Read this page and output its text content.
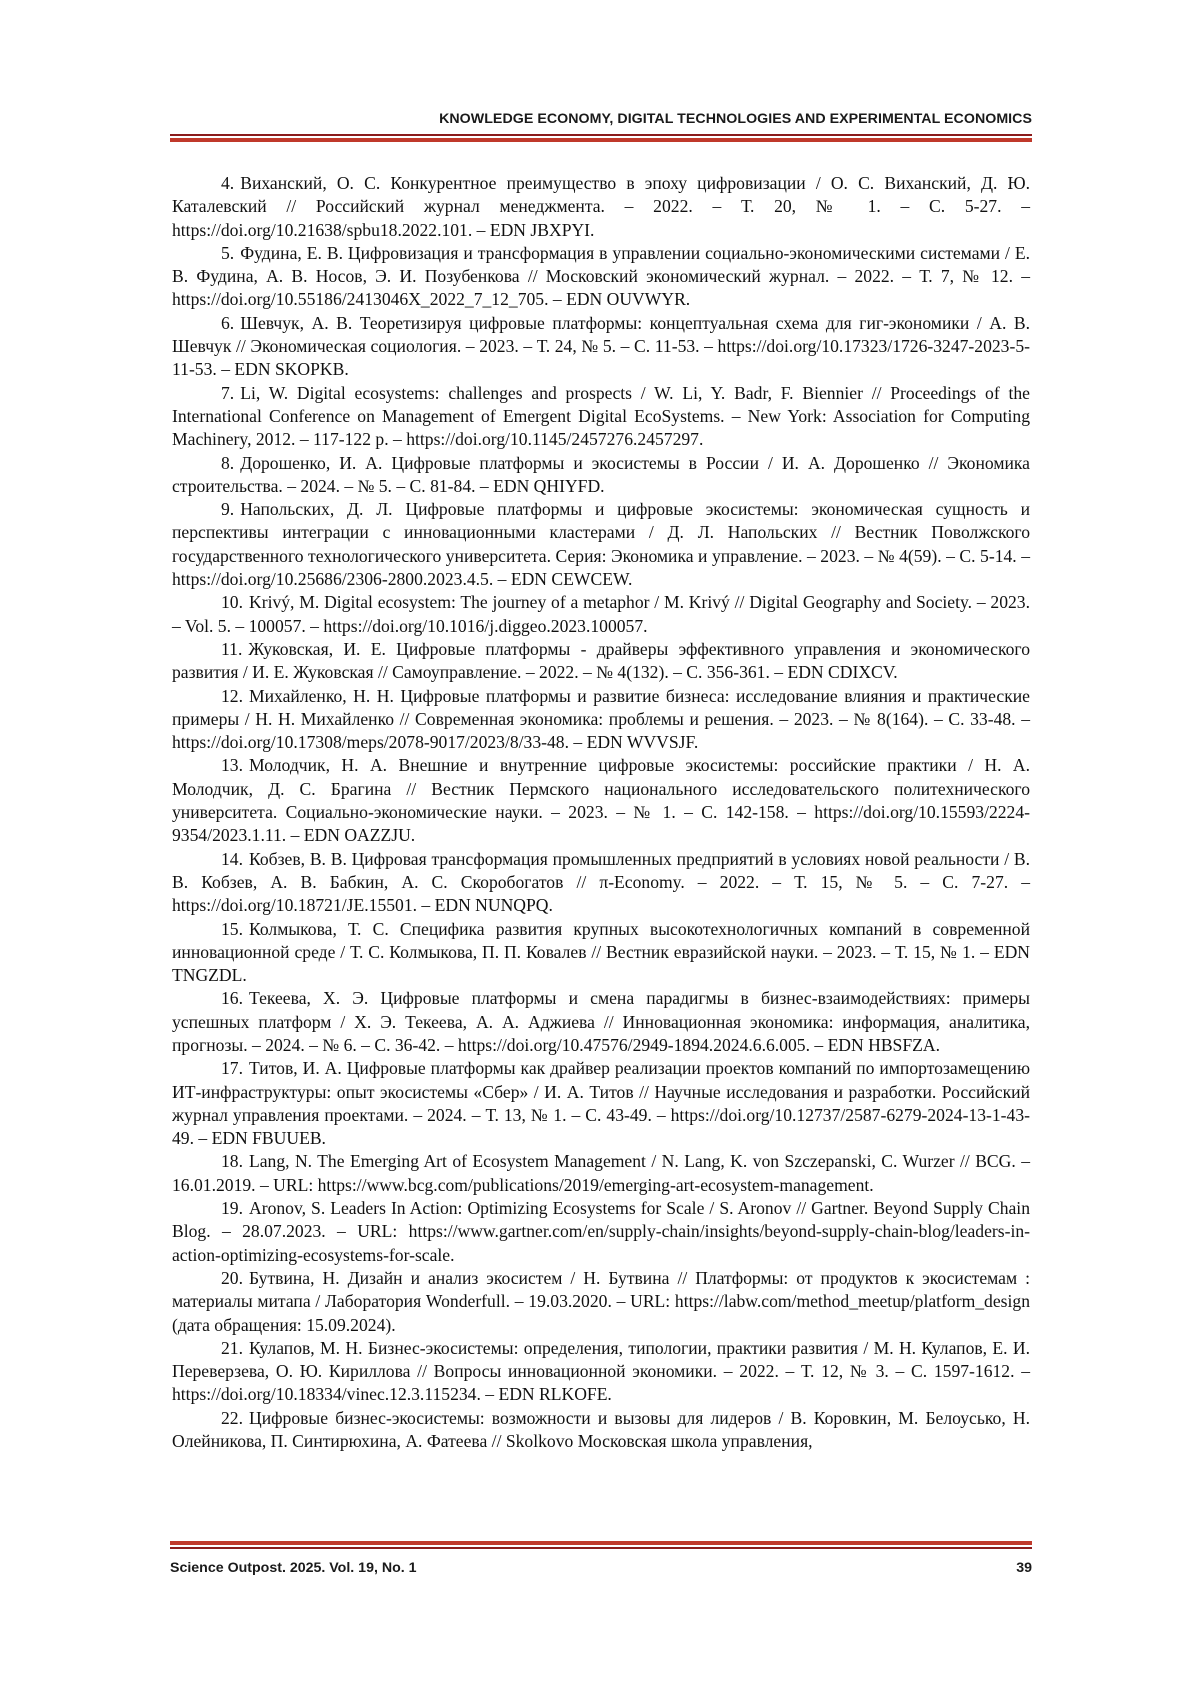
KNOWLEDGE ECONOMY, DIGITAL TECHNOLOGIES AND EXPERIMENTAL ECONOMICS

4. Виханский, О. С. Конкурентное преимущество в эпоху цифровизации / О. С. Виханский, Д. Ю. Каталевский // Российский журнал менеджмента. – 2022. – Т. 20, № 1. – С. 5-27. – https://doi.org/10.21638/spbu18.2022.101. – EDN JBXPYI.

5. Фудина, Е. В. Цифровизация и трансформация в управлении социально-экономическими системами / Е. В. Фудина, А. В. Носов, Э. И. Позубенкова // Московский экономический журнал. – 2022. – Т. 7, № 12. – https://doi.org/10.55186/2413046X_2022_7_12_705. – EDN OUVWYR.

6. Шевчук, А. В. Теоретизируя цифровые платформы: концептуальная схема для гиг-экономики / А. В. Шевчук // Экономическая социология. – 2023. – Т. 24, № 5. – С. 11-53. – https://doi.org/10.17323/1726-3247-2023-5-11-53. – EDN SKOPKB.

7. Li, W. Digital ecosystems: challenges and prospects / W. Li, Y. Badr, F. Biennier // Proceedings of the International Conference on Management of Emergent Digital EcoSystems. – New York: Association for Computing Machinery, 2012. – 117-122 p. – https://doi.org/10.1145/2457276.2457297.

8. Дорошенко, И. А. Цифровые платформы и экосистемы в России / И. А. Дорошенко // Экономика строительства. – 2024. – № 5. – С. 81-84. – EDN QHIYFD.

9. Напольских, Д. Л. Цифровые платформы и цифровые экосистемы: экономическая сущность и перспективы интеграции с инновационными кластерами / Д. Л. Напольских // Вестник Поволжского государственного технологического университета. Серия: Экономика и управление. – 2023. – № 4(59). – С. 5-14. – https://doi.org/10.25686/2306-2800.2023.4.5. – EDN CEWCEW.

10. Krivý, M. Digital ecosystem: The journey of a metaphor / M. Krivý // Digital Geography and Society. – 2023. – Vol. 5. – 100057. – https://doi.org/10.1016/j.diggeo.2023.100057.

11. Жуковская, И. Е. Цифровые платформы - драйверы эффективного управления и экономического развития / И. Е. Жуковская // Самоуправление. – 2022. – № 4(132). – С. 356-361. – EDN CDIXCV.

12. Михайленко, Н. Н. Цифровые платформы и развитие бизнеса: исследование влияния и практические примеры / Н. Н. Михайленко // Современная экономика: проблемы и решения. – 2023. – № 8(164). – С. 33-48. – https://doi.org/10.17308/meps/2078-9017/2023/8/33-48. – EDN WVVSJF.

13. Молодчик, Н. А. Внешние и внутренние цифровые экосистемы: российские практики / Н. А. Молодчик, Д. С. Брагина // Вестник Пермского национального исследовательского политехнического университета. Социально-экономические науки. – 2023. – № 1. – С. 142-158. – https://doi.org/10.15593/2224-9354/2023.1.11. – EDN OAZZJU.

14. Кобзев, В. В. Цифровая трансформация промышленных предприятий в условиях новой реальности / В. В. Кобзев, А. В. Бабкин, А. С. Скоробогатов // π-Economy. – 2022. – Т. 15, № 5. – С. 7-27. – https://doi.org/10.18721/JE.15501. – EDN NUNQPQ.

15. Колмыкова, Т. С. Специфика развития крупных высокотехнологичных компаний в современной инновационной среде / Т. С. Колмыкова, П. П. Ковалев // Вестник евразийской науки. – 2023. – Т. 15, № 1. – EDN TNGZDL.

16. Текеева, Х. Э. Цифровые платформы и смена парадигмы в бизнес-взаимодействиях: примеры успешных платформ / Х. Э. Текеева, А. А. Аджиева // Инновационная экономика: информация, аналитика, прогнозы. – 2024. – № 6. – С. 36-42. – https://doi.org/10.47576/2949-1894.2024.6.6.005. – EDN HBSFZA.

17. Титов, И. А. Цифровые платформы как драйвер реализации проектов компаний по импортозамещению ИТ-инфраструктуры: опыт экосистемы «Сбер» / И. А. Титов // Научные исследования и разработки. Российский журнал управления проектами. – 2024. – Т. 13, № 1. – С. 43-49. – https://doi.org/10.12737/2587-6279-2024-13-1-43-49. – EDN FBUUEB.

18. Lang, N. The Emerging Art of Ecosystem Management / N. Lang, K. von Szczepanski, C. Wurzer // BCG. – 16.01.2019. – URL: https://www.bcg.com/publications/2019/emerging-art-ecosystem-management.

19. Aronov, S. Leaders In Action: Optimizing Ecosystems for Scale / S. Aronov // Gartner. Beyond Supply Chain Blog. – 28.07.2023. – URL: https://www.gartner.com/en/supply-chain/insights/beyond-supply-chain-blog/leaders-in-action-optimizing-ecosystems-for-scale.

20. Бутвина, Н. Дизайн и анализ экосистем / Н. Бутвина // Платформы: от продуктов к экосистемам : материалы митапа / Лаборатория Wonderfull. – 19.03.2020. – URL: https://labw.com/method_meetup/platform_design (дата обращения: 15.09.2024).

21. Кулапов, М. Н. Бизнес-экосистемы: определения, типологии, практики развития / М. Н. Кулапов, Е. И. Переверзева, О. Ю. Кириллова // Вопросы инновационной экономики. – 2022. – Т. 12, № 3. – С. 1597-1612. – https://doi.org/10.18334/vinec.12.3.115234. – EDN RLKOFE.

22. Цифровые бизнес-экосистемы: возможности и вызовы для лидеров / В. Коровкин, М. Белоусько, Н. Олейникова, П. Синтирюхина, А. Фатеева // Skolkovo Московская школа управления,

Science Outpost. 2025. Vol. 19, No. 1	39
